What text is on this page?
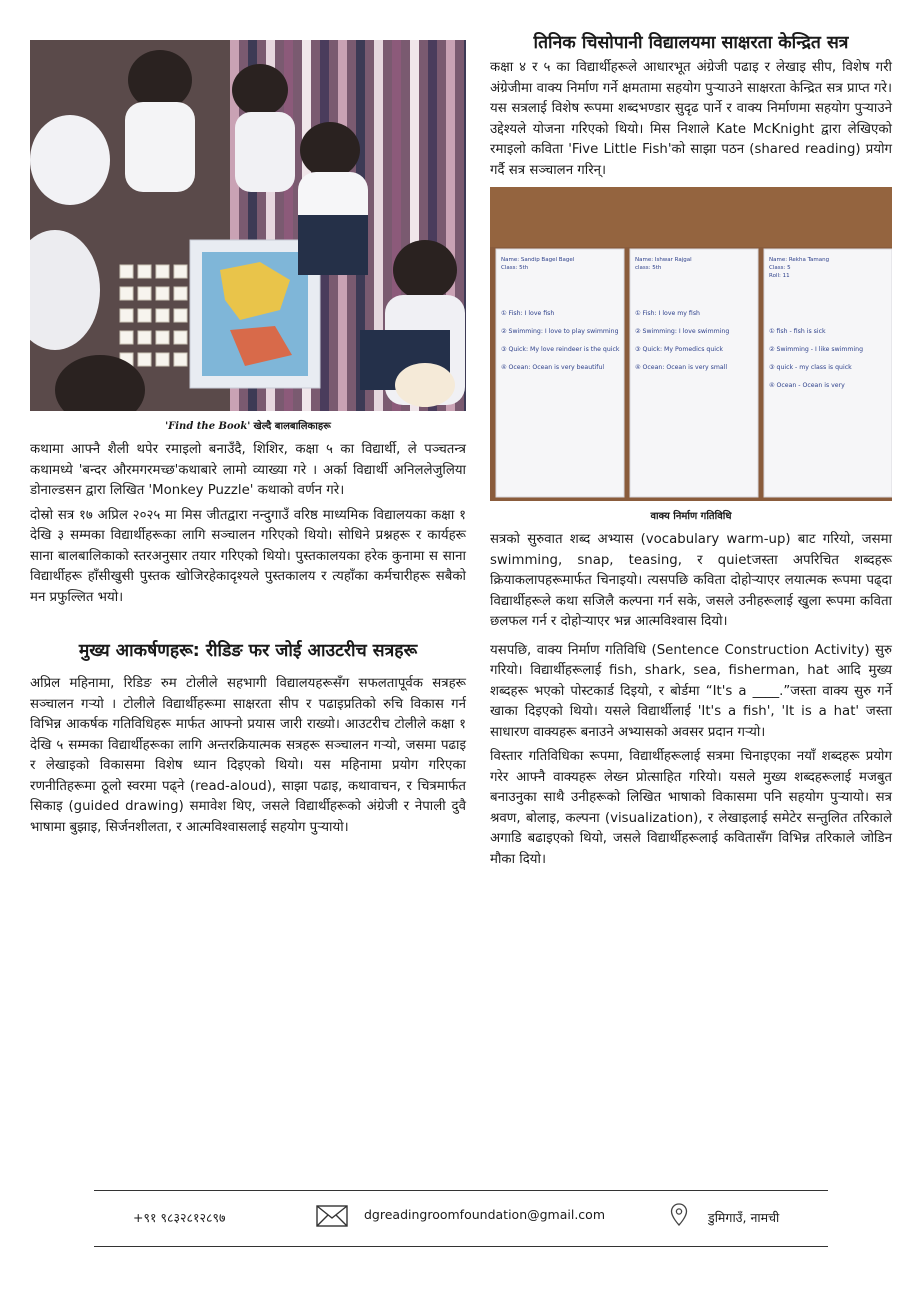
'Find the Book' खेल्दै बालबालिकाहरू

कथामा आफ्नै शैली थपेर रमाइलो बनाउँदै, शिशिर, कक्षा ५ का विद्यार्थी, ले पञ्चतन्त्र कथामध्ये 'बन्दर औरमगरमच्छ'कथाबारे लामो व्याख्या गरे । अर्का विद्यार्थी अनिललेजुलिया डोनाल्डसन द्वारा लिखित 'Monkey Puzzle' कथाको वर्णन गरे।

दोस्रो सत्र १७ अप्रिल २०२५ मा मिस जीतद्वारा नन्दुगाउँ वरिष्ठ माध्यमिक विद्यालयका कक्षा १ देखि ३ सम्मका विद्यार्थीहरूका लागि सञ्चालन गरिएको थियो। सोधिने प्रश्नहरू र कार्यहरू साना बालबालिकाको स्तरअनुसार तयार गरिएको थियो। पुस्तकालयका हरेक कुनामा स साना विद्यार्थीहरू हाँसीखुसी पुस्तक खोजिरहेकादृश्यले पुस्तकालय र त्यहाँका कर्मचारीहरू सबैको मन प्रफुल्लित भयो।

मुख्य आकर्षणहरू: रीडिङ फर जोई आउटरीच सत्रहरू

अप्रिल महिनामा, रिडिङ रुम टोलीले सहभागी विद्यालयहरूसँग सफलतापूर्वक सत्रहरू सञ्चालन गर्‍यो । टोलीले विद्यार्थीहरूमा साक्षरता सीप र पढाइप्रतिको रुचि विकास गर्न विभिन्न आकर्षक गतिविधिहरू मार्फत आफ्नो प्रयास जारी राख्यो। आउटरीच टोलीले कक्षा १ देखि ५ सम्मका विद्यार्थीहरूका लागि अन्तरक्रियात्मक सत्रहरू सञ्चालन गर्‍यो, जसमा पढाइ र लेखाइको विकासमा विशेष ध्यान दिइएको थियो। यस महिनामा प्रयोग गरिएका रणनीतिहरूमा ठूलो स्वरमा पढ्ने (read-aloud), साझा पढाइ, कथावाचन, र चित्रमार्फत सिकाइ (guided drawing) समावेश थिए, जसले विद्यार्थीहरूको अंग्रेजी र नेपाली दुवै भाषामा बुझाइ, सिर्जनशीलता, र आत्मविश्वासलाई सहयोग पुर्‍यायो।

तिनिक चिसोपानी विद्यालयमा साक्षरता केन्द्रित सत्र

कक्षा ४ र ५ का विद्यार्थीहरूले आधारभूत अंग्रेजी पढाइ र लेखाइ सीप, विशेष गरी अंग्रेजीमा वाक्य निर्माण गर्ने क्षमतामा सहयोग पुर्‍याउने साक्षरता केन्द्रित सत्र प्राप्त गरे। यस सत्रलाई विशेष रूपमा शब्दभण्डार सुदृढ पार्ने र वाक्य निर्माणमा सहयोग पुर्‍याउने उद्देश्यले योजना गरिएको थियो। मिस निशाले Kate McKnight द्वारा लेखिएको रमाइलो कविता 'Five Little Fish'को साझा पठन (shared reading) प्रयोग गर्दै सत्र सञ्चालन गरिन्।

Name: Sandip Bagel Bagel
Class: 5th
① Fish: I love fish
② Swimming: I love to play swimming
③ Quick: My love reindeer is the quick
④ Ocean: Ocean is very beautiful
Name: Ishwar Rajgal
class: 5th
① Fish: I love my fish
② Swimming: I love swimming
③ Quick: My Pomedics quick
④ Ocean: Ocean is very small
Name: Rekha Tamang
Class: 5
Roll: 11
① fish - fish is sick
② Swimming - I like swimming
③ quick - my class is quick
④ Ocean - Ocean is very
वाक्य निर्माण गतिविधि

सत्रको सुरुवात शब्द अभ्यास (vocabulary warm-up) बाट गरियो, जसमा swimming, snap, teasing, र quietजस्ता अपरिचित शब्दहरू क्रियाकलापहरूमार्फत चिनाइयो। त्यसपछि कविता दोहोर्‍याएर लयात्मक रूपमा पढ्दा विद्यार्थीहरूले कथा सजिलै कल्पना गर्न सके, जसले उनीहरूलाई खुला रूपमा कविता छलफल गर्न र दोहोर्‍याएर भन्न आत्मविश्वास दियो।

यसपछि, वाक्य निर्माण गतिविधि (Sentence Construction Activity) सुरु गरियो। विद्यार्थीहरूलाई fish, shark, sea, fisherman, hat आदि मुख्य शब्दहरू भएको पोस्टकार्ड दिइयो, र बोर्डमा “It's a ____.”जस्ता वाक्य सुरु गर्ने खाका दिइएको थियो। यसले विद्यार्थीलाई 'It's a fish', 'It is a hat' जस्ता साधारण वाक्यहरू बनाउने अभ्यासको अवसर प्रदान गर्‍यो।

विस्तार गतिविधिका रूपमा, विद्यार्थीहरूलाई सत्रमा चिनाइएका नयाँ शब्दहरू प्रयोग गरेर आफ्नै वाक्यहरू लेख्न प्रोत्साहित गरियो। यसले मुख्य शब्दहरूलाई मजबुत बनाउनुका साथै उनीहरूको लिखित भाषाको विकासमा पनि सहयोग पुर्‍यायो। सत्र श्रवण, बोलाइ, कल्पना (visualization), र लेखाइलाई समेटेर सन्तुलित तरिकाले अगाडि बढाइएको थियो, जसले विद्यार्थीहरूलाई कवितासँग विभिन्न तरिकाले जोडिन मौका दियो।

+९१ ९८३२८१२८९७	dgreadingroomfoundation@gmail.com	डुमिगाउँ, नामची
